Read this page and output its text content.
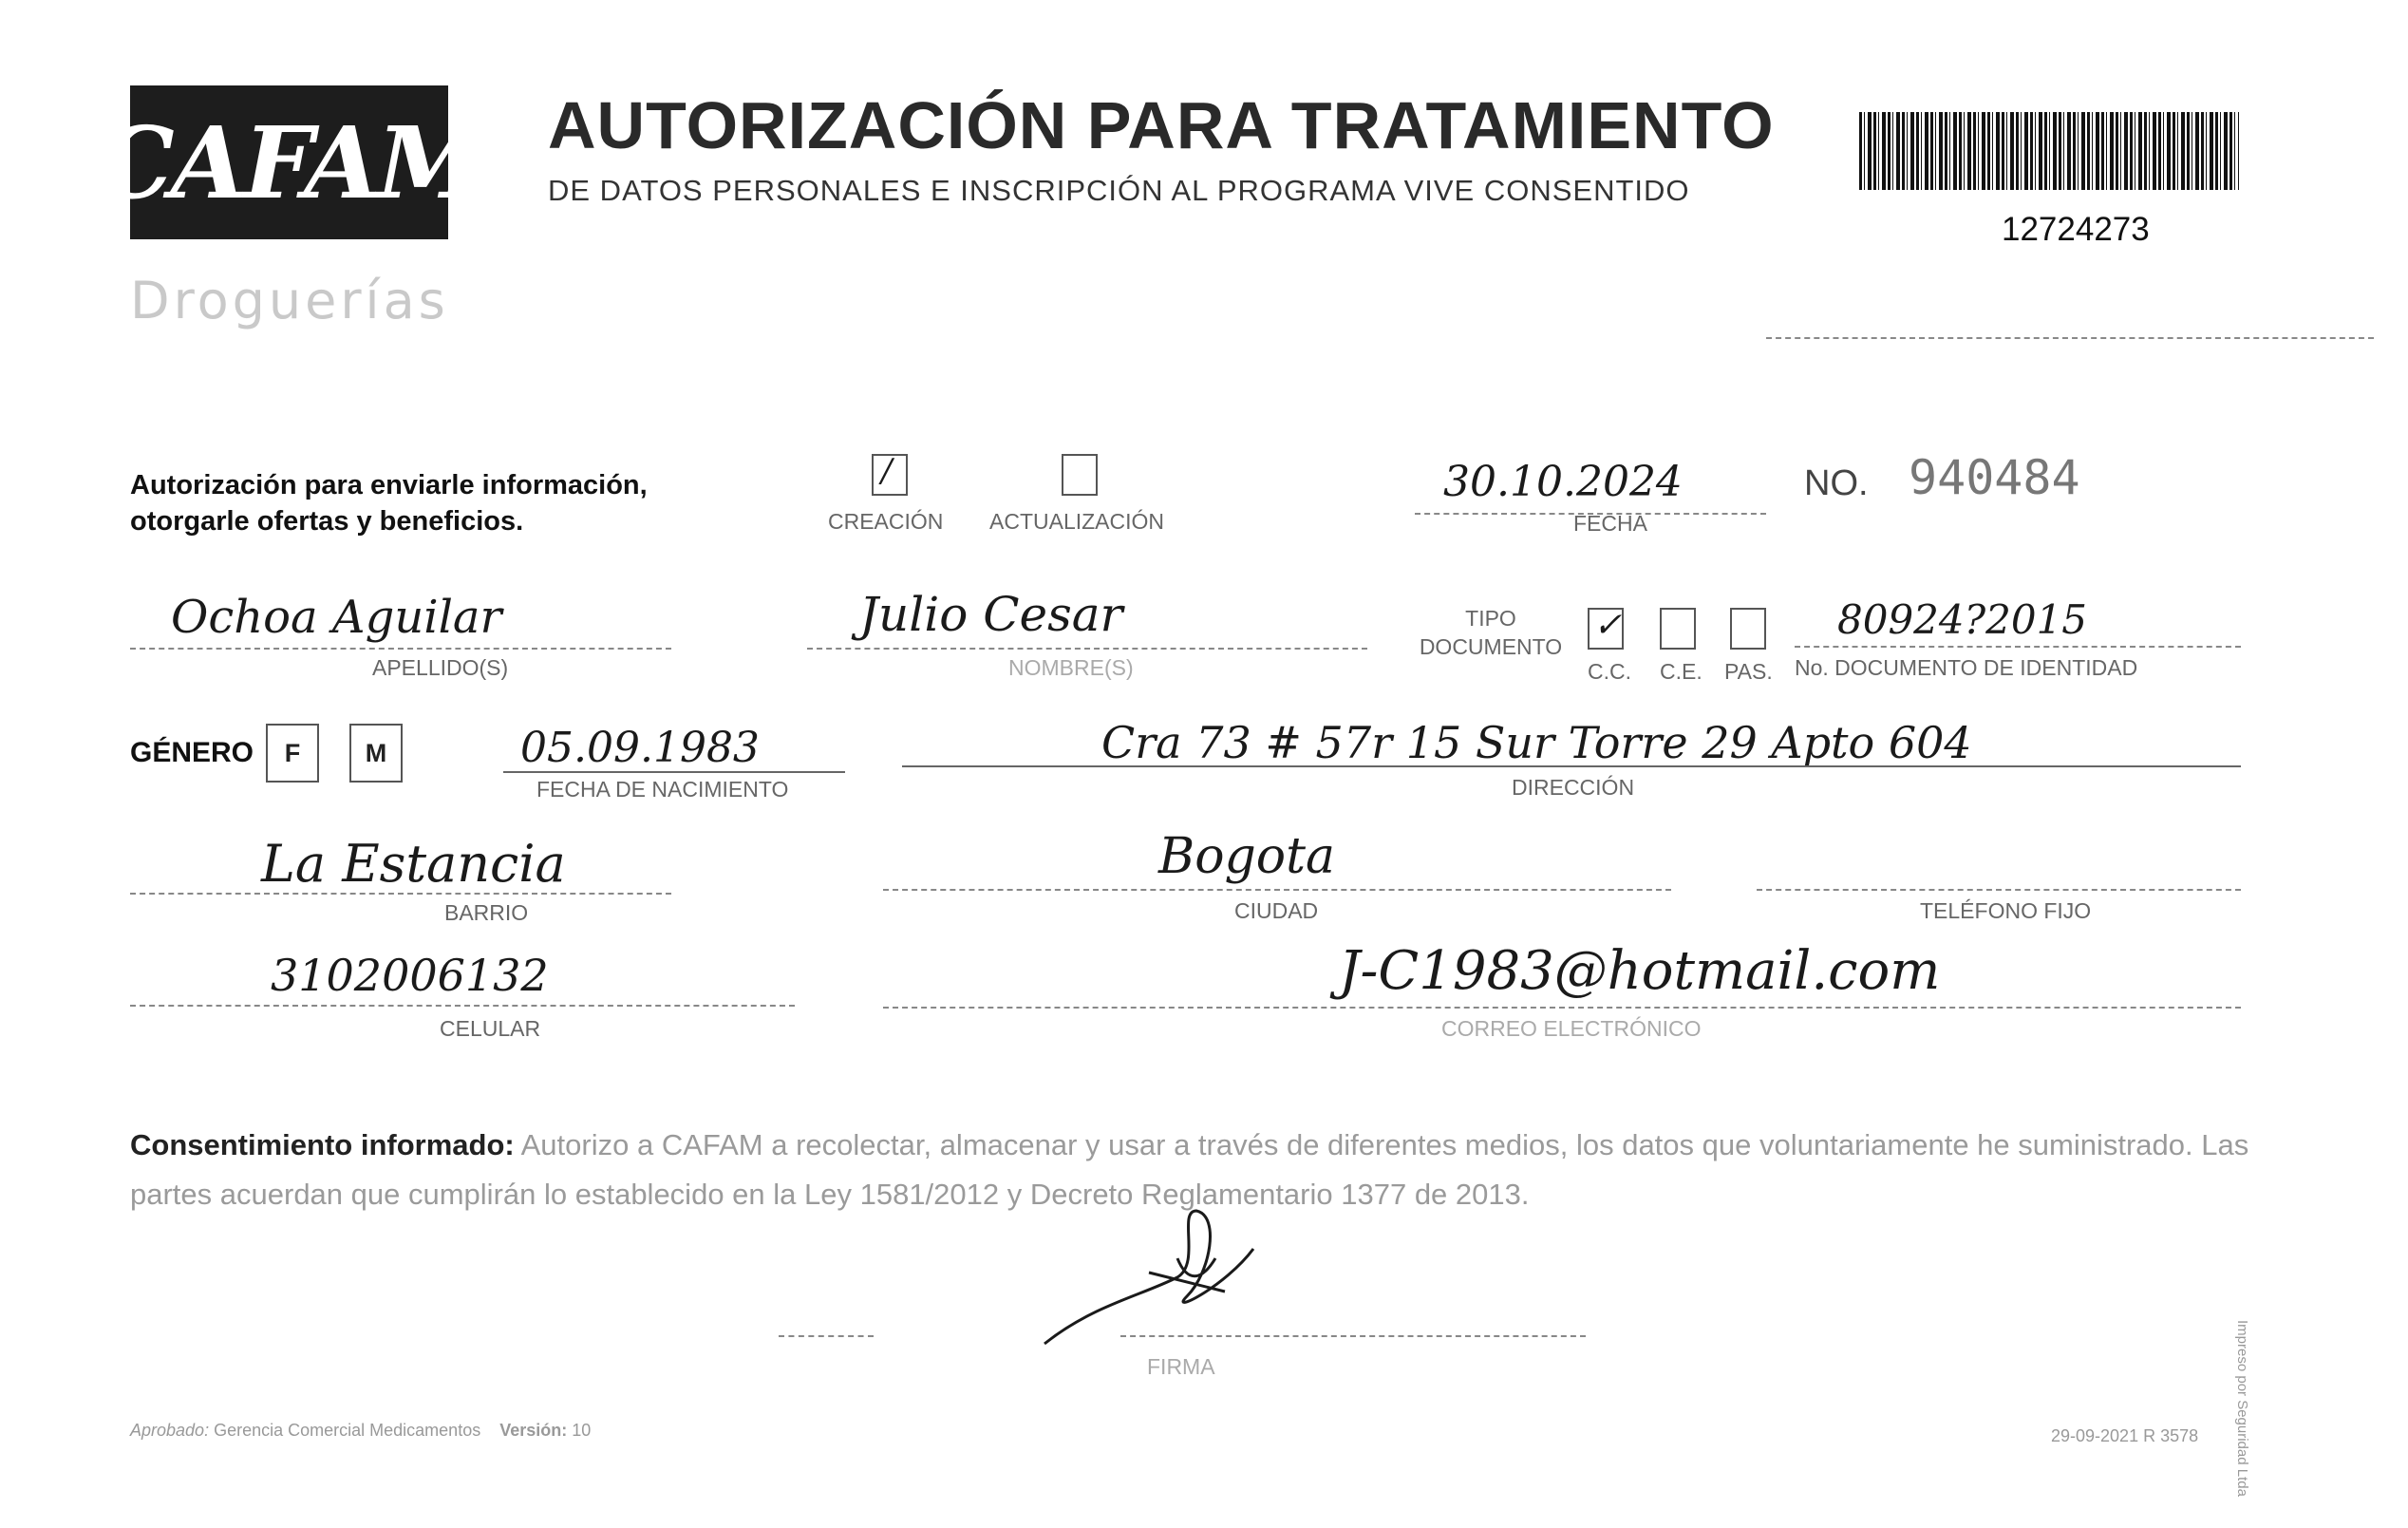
CAFAM
Droguerías
AUTORIZACIÓN PARA TRATAMIENTO
DE DATOS PERSONALES E INSCRIPCIÓN AL PROGRAMA VIVE CONSENTIDO
12724273
Autorización para enviarle información, otorgarle ofertas y beneficios.
/
CREACIÓN ACTUALIZACIÓN
30.10.2024
FECHA
NO. 940484
Ochoa Aguilar
APELLIDO(S)
Julio Cesar
NOMBRE(S)
TIPO DOCUMENTO
✓
C.C. C.E. PAS.
80924?2015
No. DOCUMENTO DE IDENTIDAD
GÉNERO	F	M	05.09.1983
FECHA DE NACIMIENTO
Cra 73 # 57r 15 Sur Torre 29 Apto 604
DIRECCIÓN
La Estancia
BARRIO
Bogota
CIUDAD	TELÉFONO FIJO
3102006132
CELULAR
J-C1983@hotmail.com
CORREO ELECTRÓNICO
Consentimiento informado: Autorizo a CAFAM a recolectar, almacenar y usar a través de diferentes medios, los datos que voluntariamente he suministrado. Las partes acuerdan que cumplirán lo establecido en la Ley 1581/2012 y Decreto Reglamentario 1377 de 2013.
FIRMA
Aprobado: Gerencia Comercial Medicamentos Versión: 10	29-09-2021 R 3578	Impreso por Seguridad Ltda
